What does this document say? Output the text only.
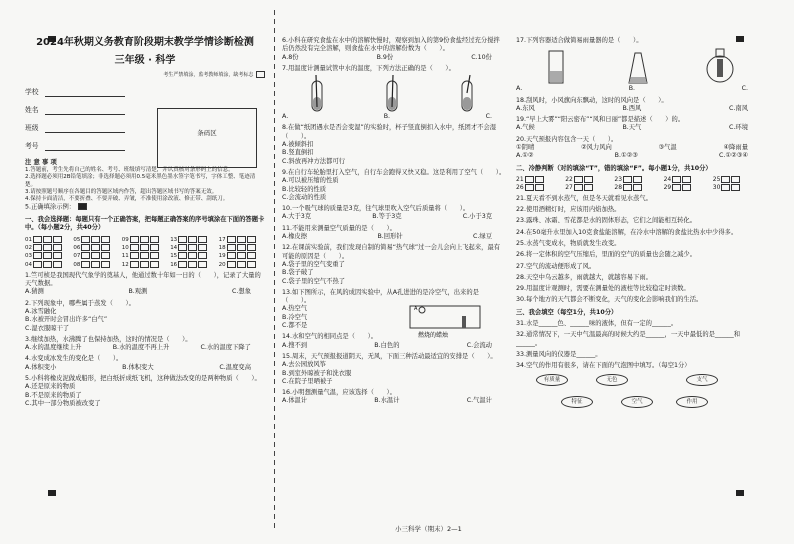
2024年秋期义务教育阶段期末教学学情诊断检测
三年级 · 科学
考生严禁填涂，监考教师填涂，缺考标志
学校
姓名
班级
考号
条码区
注 意 事 项
1.答题前，考生先将自己的姓名、考号、班级填写清楚，并认真核对条形码上的信息。
2.选择题必须用2B铅笔填涂；非选择题必须用0.5毫米黑色墨水签字笔书写，字体工整、笔迹清楚。
3.请按照题号顺序在各题目的答题区域内作答，超出答题区域书写的答案无效。
4.保持卡面清洁，不要折叠、不要弄破、弄皱，不准使用涂改液、修正带、刮纸刀。
5.正确填涂示例：
一、我会选择题：每题只有一个正确答案，把每题正确答案的序号填涂在下面的答题卡中。（每小题2分，共40分）
01	05	09	13	17
02	06	10	14	18
03	07	11	15	19
04	08	12	16	20
1.竺可桢是我国现代气象学的奠基人，他通过数十年如一日的（　　），记录了大量的天气数据。
A.猜测	B.观测	C.想象
2.下列现象中，哪些属于蒸发（　　）。
A.冰雪融化
B.水被开时会冒出许多“白气”
C.湿衣服晾干了
3.继续加热，水沸腾了也保持加热，这时的情况是（　　）。
A.水的温度继续上升	B.水的温度不再上升	C.水的温度下降了
4.水变成冰发生的变化是（　　）。
A.体积变小	B.体积变大	C.温度变高
5.小科将橡皮泥做成船形，把白纸折成纸飞机，这种做法改变的是两种物质（　　）。
A.还是原来的物质
B.不是原来的物质了
C.其中一部分物质被改变了
6.小科在研究食盐在水中的溶解快慢时，观察到加入的第9份食盐经过充分搅拌后仍然没有完全溶解，则食盐在水中的溶解份数为（　　）。
A.8份	B.9份	C.10份
7.用温度计测量试管中水的温度，下列方法正确的是（　　）。
A.	B.	C.
8.在做“纸团遇水是否会变湿”的实验时，杯子竖直倒扣入水中，纸团才不会湿（　　）。
A.被倾斜扣
B.竖直倒扣
C.斜放再冲方法都可行
9.在自行车轮胎里打入空气，自行车会跑得又快又稳。这是利用了空气（　　）。
A.可以被压缩的性质
B.比较轻的性质
C.会流动的性质
10.一个吸气球的质量是3克，往气球里吹入空气后质量将（　　）。
A.大于3克	B.等于3克	C.小于3克
11.不能用来测量空气质量的是（　　）。
A.橡皮擦	B.回形针	C.绿豆
12.在课前实验前，我们发现自制的简易“热气球”过一会儿会向上飞起来，最有可能的原因是（　　）。
A.袋子里的空气变重了
B.袋子破了
C.袋子里的空气不热了
13.如下图所示，在风的成因实验中，从A孔进进的是冷空气，出来的是（　　）。
A.热空气
B.冷空气
C.都不是
A
燃烧的蜡烛
14.水和空气的相同点是（　　）。
A.搜不到	B.白色的	C.会流动
15.周末，天气预报报道阴天，无风，下面三种活动最适宜的安排是（　　）。
A.去公园放风筝
B.到室外晾被子和洗衣服
C.在院子里晒被子
16.小明想测量气温，应该选择（　　）。
A.体温计	B.水温计	C.气温计
17.下列容器适合做简易雨量器的是（　　）。
A.	B.	C.
18.刮风时，小风旗向东飘动，这时的风向是（　　）。
A.东风	B.西风	C.南风
19.“早上大雾”“阳云密布”“风和日丽”都是描述（　　）的。
A.气候	B.天气	C.环境
20.天气预报内容包含一天（　　）。
①阴晴	②风力风向	③气温	④降雨量
A.①②	B.①②③	C.①②③④
二、冷静判断（对的填涂“T”，错的填涂“F”。每小题1分，共10分）
21	22	23	24	25
26	27	28	29	30
21.夏天看不到水蒸气，但是冬天就看见水蒸气。
22.使用酒精灯时，应该用内焰加热。
23.露珠、冰霜、雪花都是水的固体形态，它们之间能相互转化。
24.在50毫升水里加入10克食盐能溶解，在冷水中溶解的食盐比热水中少得多。
25.水蒸气变成水，物质就发生改变。
26.将一定体积的空气压缩后，里面的空气的质量也会随之减少。
27.空气的流动便形成了风。
28.天空中乌云越多，雨就越大，就越容易下雨。
29.用温度计观测时，需要在测量处的液柱等比较稳定时读数。
30.每个地方的天气都会不断变化，天气的变化会影响我们的生活。
三、我会填空（每空1分，共10分）
31.水是______色、______味的液体，但有一定的______。
32.通常情况下，一天中气温最高的时候大约是______，一天中最低的是______和______。
33.测量风向的仪器是______。
34.空气的作用有很多，请在下面的气泡图中填写。（每空1分）
有质量	无色	支气
特征	空气	作用
小三科学（期末）2—1
